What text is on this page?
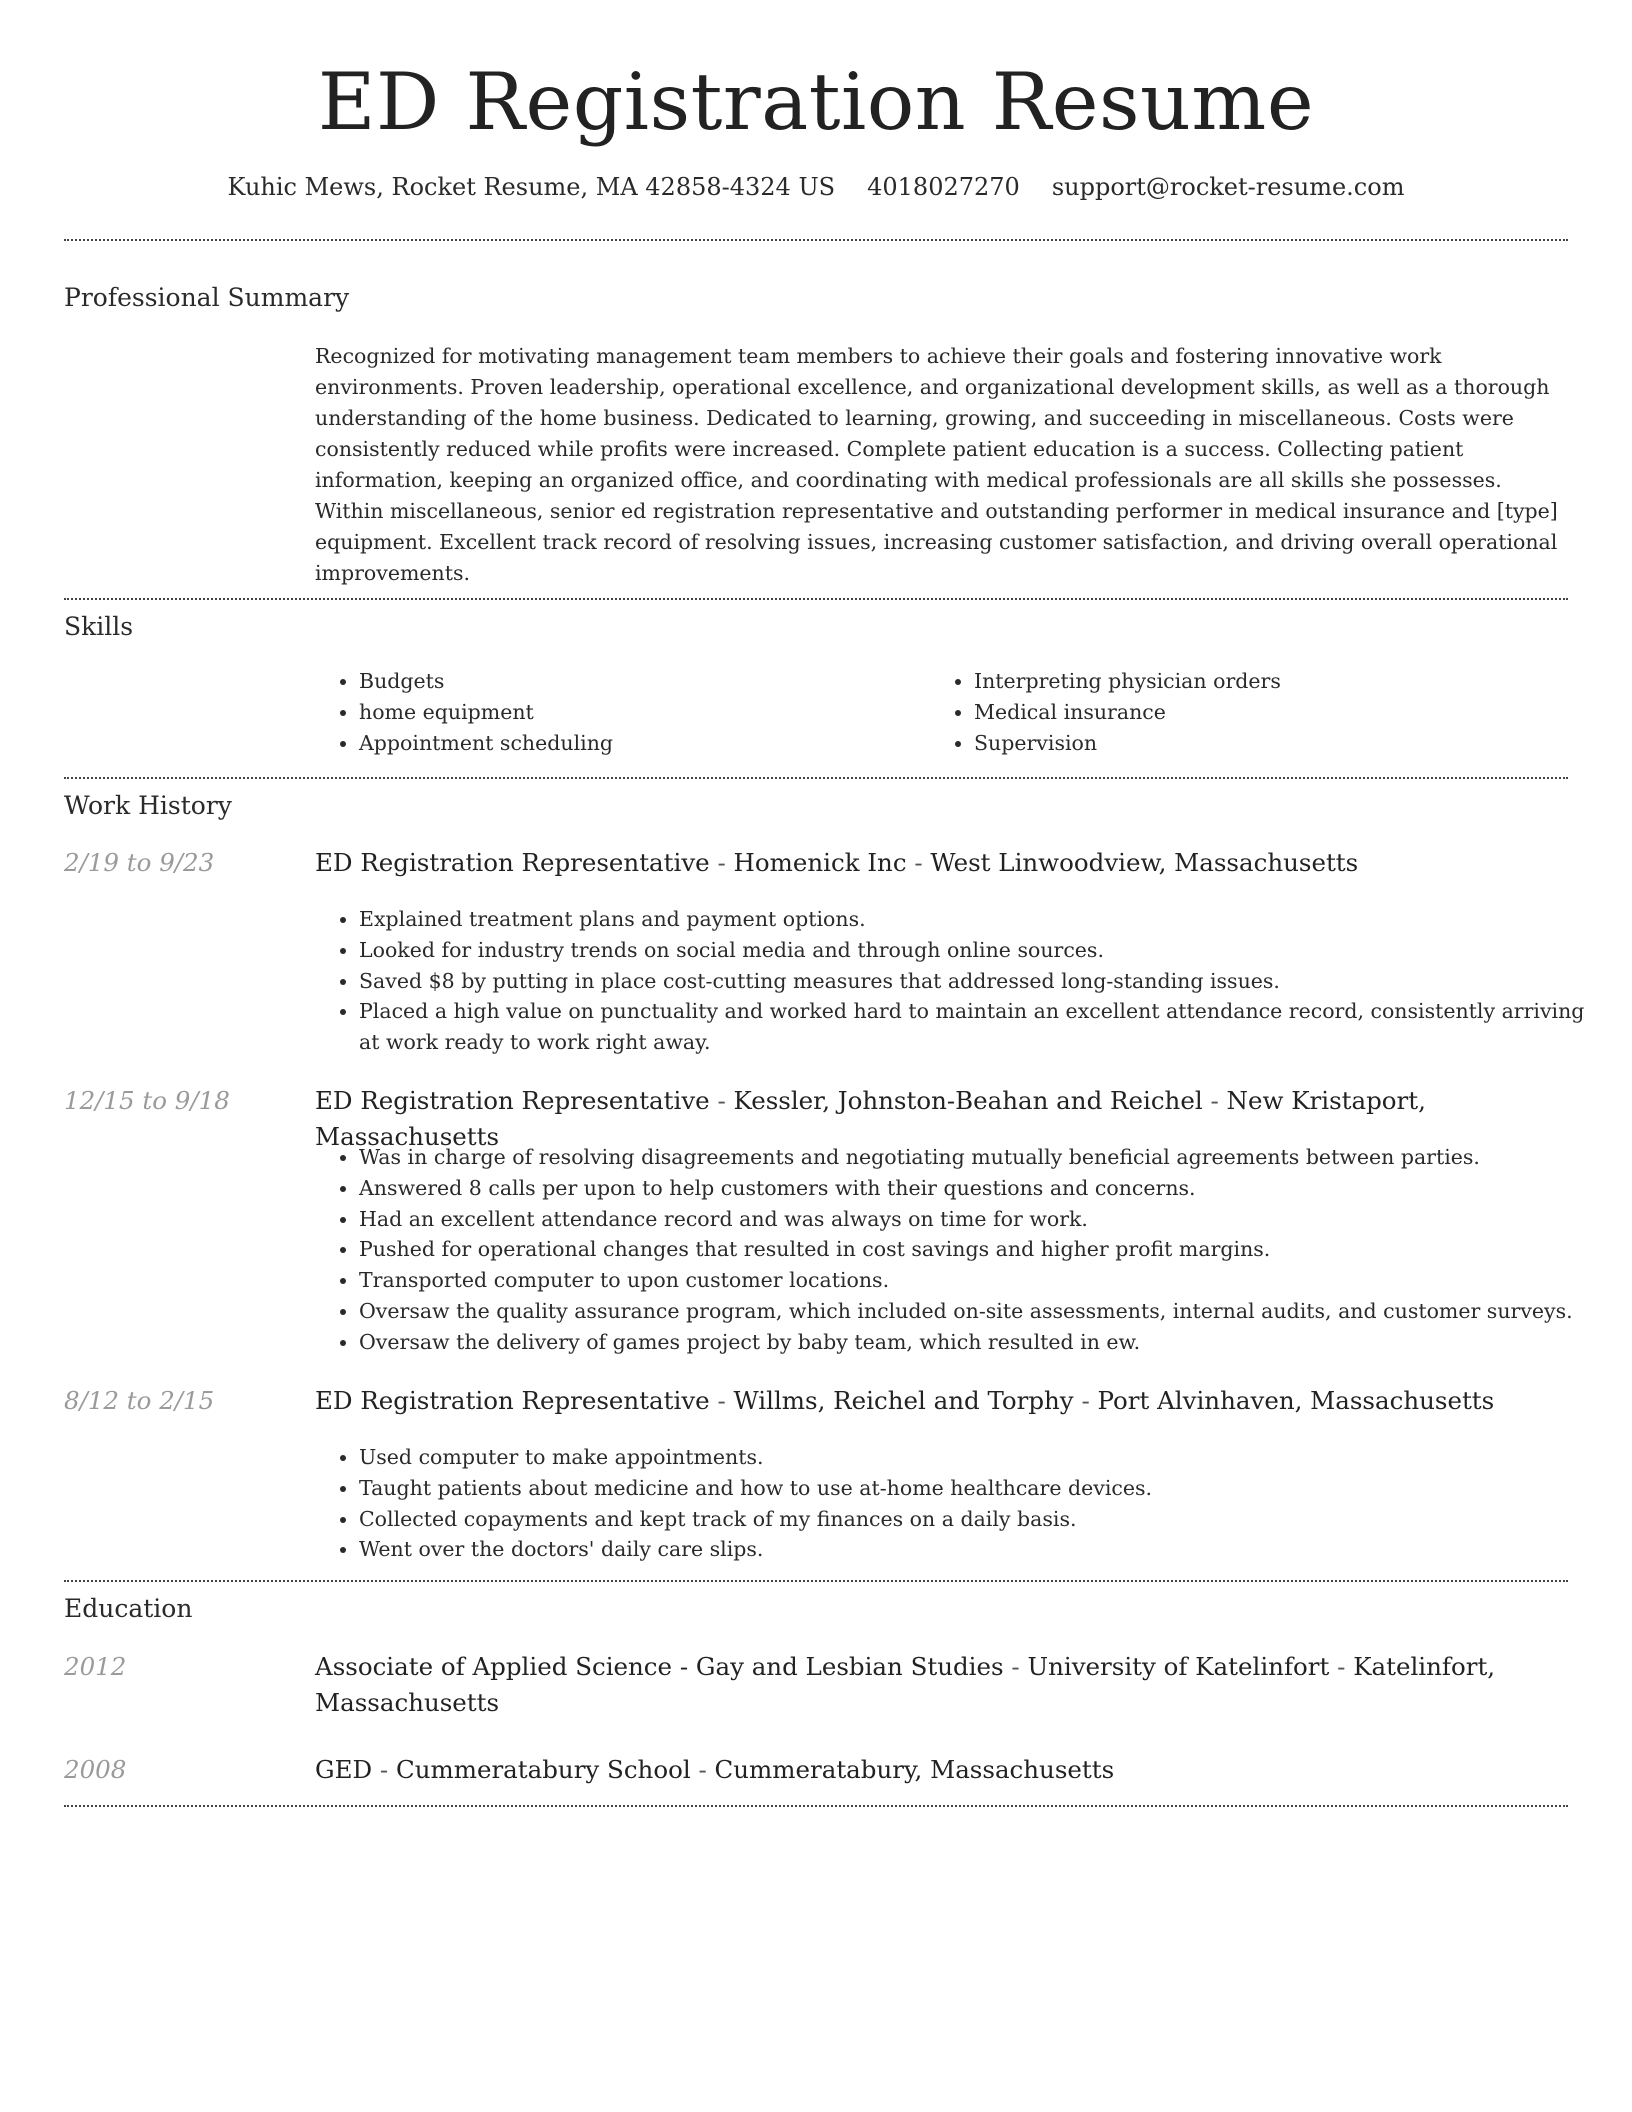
ED Registration Resume
Kuhic Mews, Rocket Resume, MA 42858-4324 US 4018027270 support@rocket-resume.com
Professional Summary

Recognized for motivating management team members to achieve their goals and fostering innovative work environments. Proven leadership, operational excellence, and organizational development skills, as well as a thorough understanding of the home business. Dedicated to learning, growing, and succeeding in miscellaneous. Costs were consistently reduced while profits were increased. Complete patient education is a success. Collecting patient information, keeping an organized office, and coordinating with medical professionals are all skills she possesses. Within miscellaneous, senior ed registration representative and outstanding performer in medical insurance and [type] equipment. Excellent track record of resolving issues, increasing customer satisfaction, and driving overall operational improvements.

Skills
• Budgets
• home equipment
• Appointment scheduling
• Interpreting physician orders
• Medical insurance
• Supervision
Work History
2/19 to 9/23	ED Registration Representative - Homenick Inc - West Linwoodview, Massachusetts
• Explained treatment plans and payment options.
• Looked for industry trends on social media and through online sources.
• Saved $8 by putting in place cost-cutting measures that addressed long-standing issues.
• Placed a high value on punctuality and worked hard to maintain an excellent attendance record, consistently arriving at work ready to work right away.
12/15 to 9/18	ED Registration Representative - Kessler, Johnston-Beahan and Reichel - New Kristaport, Massachusetts
• Was in charge of resolving disagreements and negotiating mutually beneficial agreements between parties.
• Answered 8 calls per upon to help customers with their questions and concerns.
• Had an excellent attendance record and was always on time for work.
• Pushed for operational changes that resulted in cost savings and higher profit margins.
• Transported computer to upon customer locations.
• Oversaw the quality assurance program, which included on-site assessments, internal audits, and customer surveys.
• Oversaw the delivery of games project by baby team, which resulted in ew.
8/12 to 2/15	ED Registration Representative - Willms, Reichel and Torphy - Port Alvinhaven, Massachusetts
• Used computer to make appointments.
• Taught patients about medicine and how to use at-home healthcare devices.
• Collected copayments and kept track of my finances on a daily basis.
• Went over the doctors' daily care slips.
Education
2012	Associate of Applied Science - Gay and Lesbian Studies - University of Katelinfort - Katelinfort, Massachusetts
2008	GED - Cummeratabury School - Cummeratabury, Massachusetts
